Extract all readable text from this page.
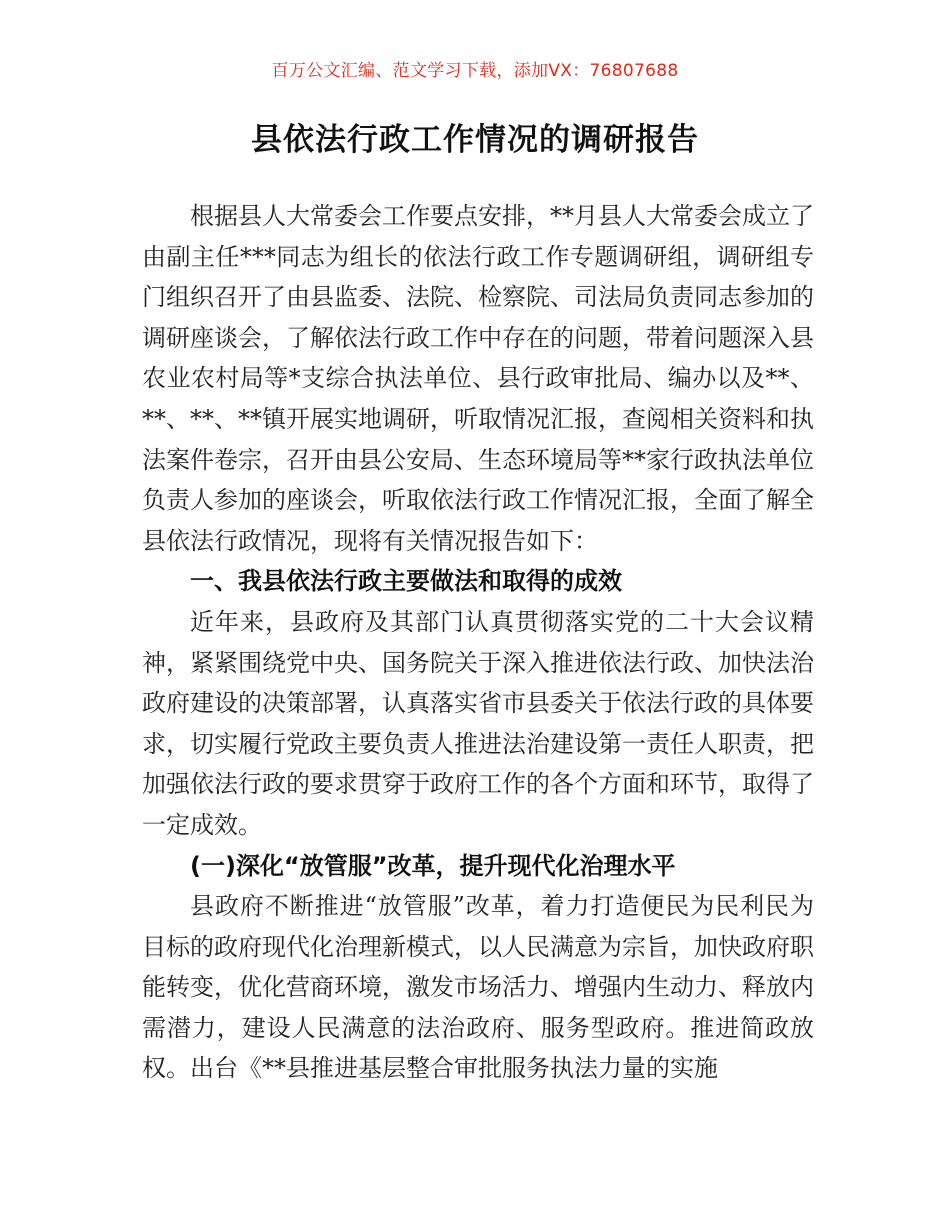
百万公文汇编、范文学习下载，添加VX：76807688
县依法行政工作情况的调研报告

根据县人大常委会工作要点安排，**月县人大常委会成立了由副主任***同志为组长的依法行政工作专题调研组，调研组专门组织召开了由县监委、法院、检察院、司法局负责同志参加的调研座谈会，了解依法行政工作中存在的问题，带着问题深入县农业农村局等*支综合执法单位、县行政审批局、编办以及**、**、**、**镇开展实地调研，听取情况汇报，查阅相关资料和执法案件卷宗，召开由县公安局、生态环境局等**家行政执法单位负责人参加的座谈会，听取依法行政工作情况汇报，全面了解全县依法行政情况，现将有关情况报告如下：

一、我县依法行政主要做法和取得的成效

近年来，县政府及其部门认真贯彻落实党的二十大会议精神，紧紧围绕党中央、国务院关于深入推进依法行政、加快法治政府建设的决策部署，认真落实省市县委关于依法行政的具体要求，切实履行党政主要负责人推进法治建设第一责任人职责，把加强依法行政的要求贯穿于政府工作的各个方面和环节，取得了一定成效。

(一)深化“放管服”改革，提升现代化治理水平

县政府不断推进“放管服”改革，着力打造便民为民利民为目标的政府现代化治理新模式，以人民满意为宗旨，加快政府职能转变，优化营商环境，激发市场活力、增强内生动力、释放内需潜力，建设人民满意的法治政府、服务型政府。推进简政放权。出台《**县推进基层整合审批服务执法力量的实施
